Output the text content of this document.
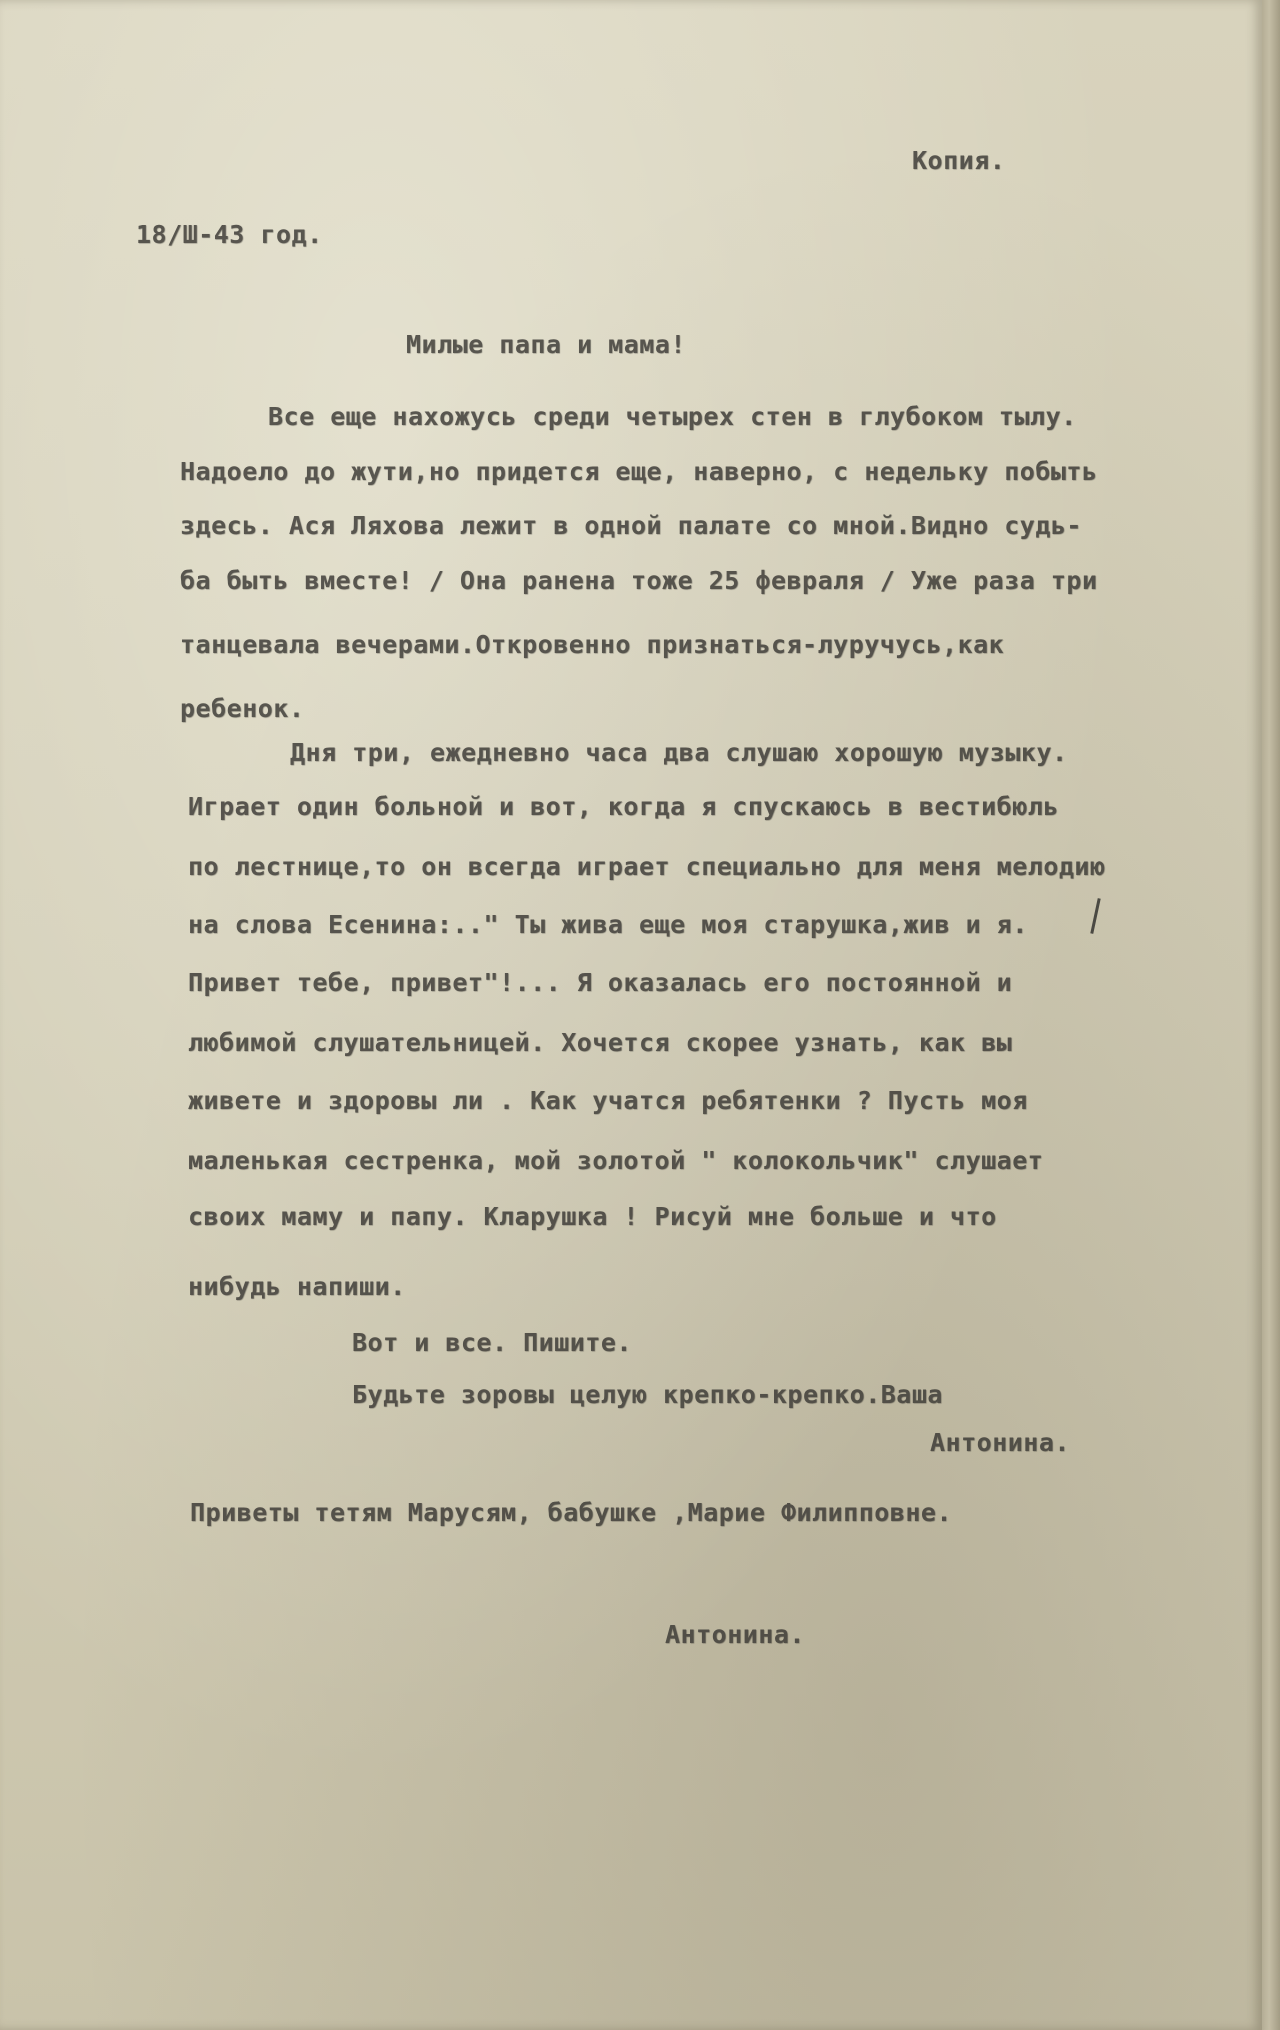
Копия.
18/Ш-43 год.
Милые папа и мама!
Все еще нахожусь среди четырех стен в глубоком тылу.
Надоело до жути,но придется еще, наверно, с недельку побыть
здесь. Ася Ляхова лежит в одной палате со мной.Видно судь-
ба быть вместе! / Она ранена тоже 25 февраля / Уже раза три
танцевала вечерами.Откровенно признаться-луручусь,как
ребенок.
Дня три, ежедневно часа два слушаю хорошую музыку.
Играет один больной и вот, когда я спускаюсь в вестибюль
по лестнице,то он всегда играет специально для меня мелодию
на слова Есенина:.." Ты жива еще моя старушка,жив и я.
Привет тебе, привет"!... Я оказалась его постоянной и
любимой слушательницей. Хочется скорее узнать, как вы
живете и здоровы ли . Как учатся ребятенки ? Пусть моя
маленькая сестренка, мой золотой " колокольчик" слушает
своих маму и папу. Кларушка ! Рисуй мне больше и что
нибудь напиши.
Вот и все. Пишите.
Будьте зоровы целую крепко-крепко.Ваша
Антонина.
Приветы тетям Марусям, бабушке ,Марие Филипповне.
Антонина.
